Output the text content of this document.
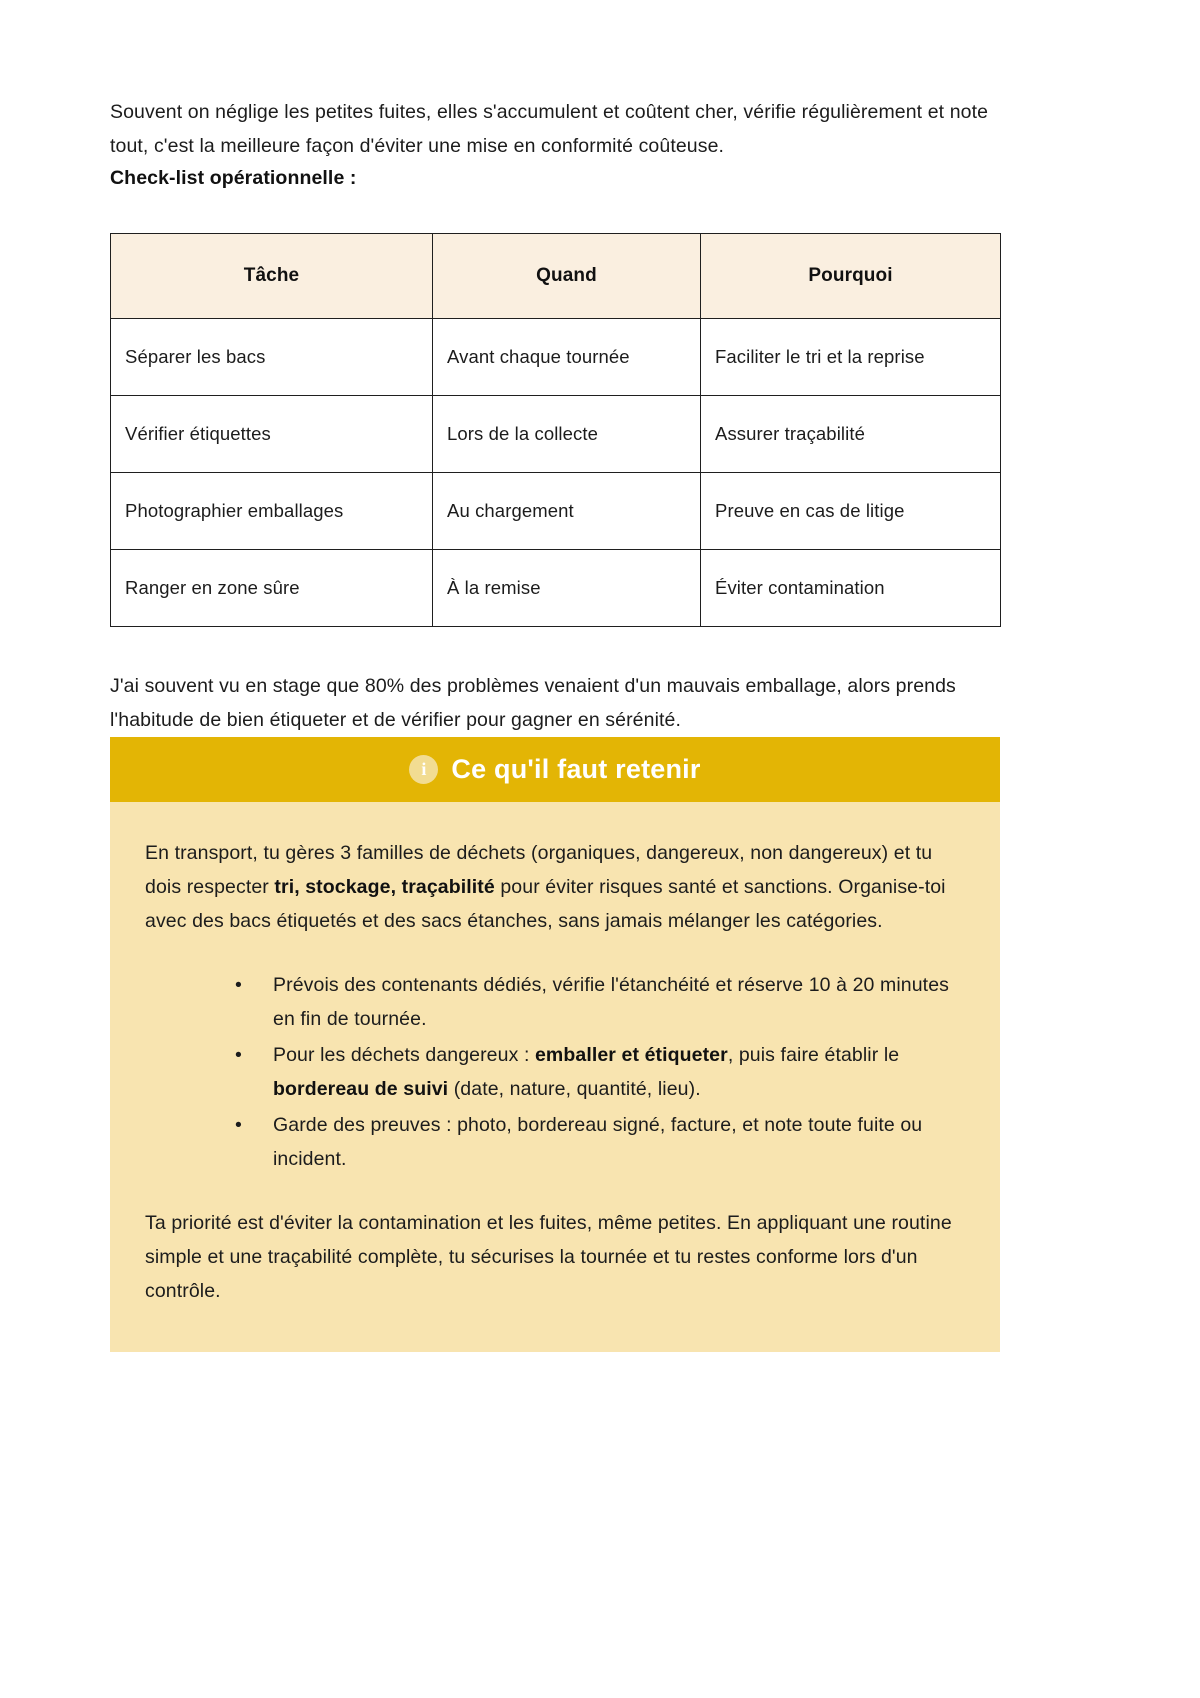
Souvent on néglige les petites fuites, elles s'accumulent et coûtent cher, vérifie régulièrement et note tout, c'est la meilleure façon d'éviter une mise en conformité coûteuse.

Check-list opérationnelle :

Tâche	Quand	Pourquoi
Séparer les bacs	Avant chaque tournée	Faciliter le tri et la reprise
Vérifier étiquettes	Lors de la collecte	Assurer traçabilité
Photographier emballages	Au chargement	Preuve en cas de litige
Ranger en zone sûre	À la remise	Éviter contamination

J'ai souvent vu en stage que 80% des problèmes venaient d'un mauvais emballage, alors prends l'habitude de bien étiqueter et de vérifier pour gagner en sérénité.

i Ce qu'il faut retenir

En transport, tu gères 3 familles de déchets (organiques, dangereux, non dangereux) et tu dois respecter tri, stockage, traçabilité pour éviter risques santé et sanctions. Organise-toi avec des bacs étiquetés et des sacs étanches, sans jamais mélanger les catégories.

• Prévois des contenants dédiés, vérifie l'étanchéité et réserve 10 à 20 minutes en fin de tournée.
• Pour les déchets dangereux : emballer et étiqueter, puis faire établir le bordereau de suivi (date, nature, quantité, lieu).
• Garde des preuves : photo, bordereau signé, facture, et note toute fuite ou incident.

Ta priorité est d'éviter la contamination et les fuites, même petites. En appliquant une routine simple et une traçabilité complète, tu sécurises la tournée et tu restes conforme lors d'un contrôle.
